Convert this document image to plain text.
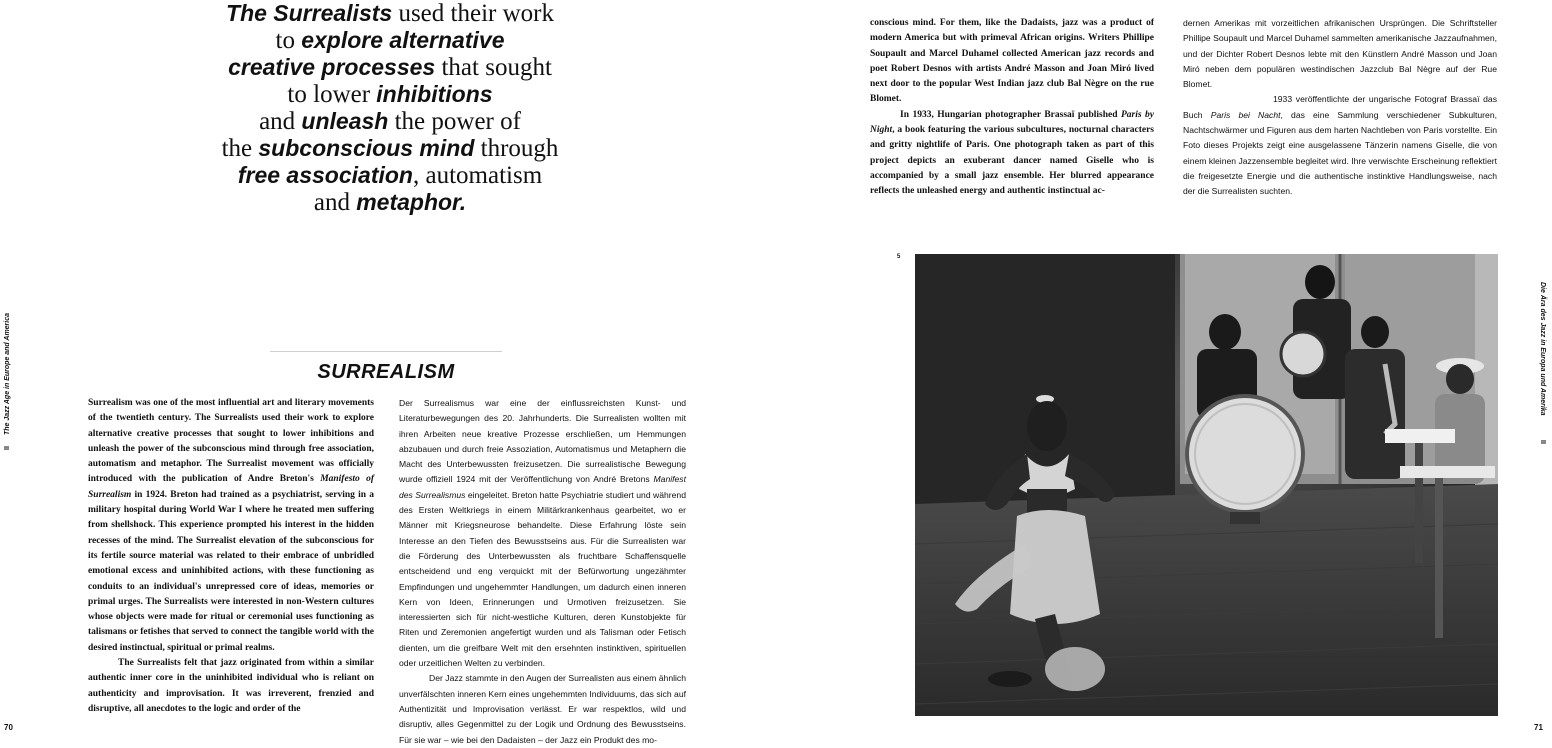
The Surrealists used their work
to explore alternative
creative processes that sought
to lower inhibitions
and unleash the power of
the subconscious mind through
free association, automatism
and metaphor.
SURREALISM

Surrealism was one of the most influential art and literary movements of the twentieth century. The Surrealists used their work to explore alternative creative processes that sought to lower inhibitions and unleash the power of the subconscious mind through free association, automatism and metaphor. The Surrealist movement was officially introduced with the publication of Andre Breton's Manifesto of Surrealism in 1924. Breton had trained as a psychiatrist, serving in a military hospital during World War I where he treated men suffering from shellshock. This experience prompted his interest in the hidden recesses of the mind. The Surrealist elevation of the subconscious for its fertile source material was related to their embrace of unbridled emotional excess and uninhibited actions, with these functioning as conduits to an individual's unrepressed core of ideas, memories or primal urges. The Surrealists were interested in non-Western cultures whose objects were made for ritual or ceremonial uses functioning as talismans or fetishes that served to connect the tangible world with the desired instinctual, spiritual or primal realms.

The Surrealists felt that jazz originated from within a similar authentic inner core in the uninhibited individual who is reliant on authenticity and improvisation. It was irreverent, frenzied and disruptive, all anecdotes to the logic and order of the

Der Surrealismus war eine der einflussreichsten Kunst- und Literaturbewegungen des 20. Jahrhunderts. Die Surrealisten wollten mit ihren Arbeiten neue kreative Prozesse erschließen, um Hemmungen abzubauen und durch freie Assoziation, Automatismus und Metaphern die Macht des Unterbewussten freizusetzen. Die surrealistische Bewegung wurde offiziell 1924 mit der Veröffentlichung von André Bretons Manifest des Surrealismus eingeleitet. Breton hatte Psychiatrie studiert und während des Ersten Weltkriegs in einem Militärkrankenhaus gearbeitet, wo er Männer mit Kriegsneurose behandelte. Diese Erfahrung löste sein Interesse an den Tiefen des Bewusstseins aus. Für die Surrealisten war die Förderung des Unterbewussten als fruchtbare Schaffensquelle entscheidend und eng verquickt mit der Befürwortung ungezähmter Empfindungen und ungehemmter Handlungen, um dadurch einen inneren Kern von Ideen, Erinnerungen und Urmotiven freizusetzen. Sie interessierten sich für nicht-westliche Kulturen, deren Kunstobjekte für Riten und Zeremonien angefertigt wurden und als Talisman oder Fetisch dienten, um die greifbare Welt mit den ersehnten instinktiven, spirituellen oder urzeitlichen Welten zu verbinden.

Der Jazz stammte in den Augen der Surrealisten aus einem ähnlich unverfälschten inneren Kern eines ungehemmten Individuums, das sich auf Authentizität und Improvisation verlässt. Er war respektlos, wild und disruptiv, alles Gegenmittel zu der Logik und Ordnung des Bewusstseins. Für sie war – wie bei den Dadaisten – der Jazz ein Produkt des mo-

conscious mind. For them, like the Dadaists, jazz was a product of modern America but with primeval African origins. Writers Phillipe Soupault and Marcel Duhamel collected American jazz records and poet Robert Desnos with artists André Masson and Joan Miró lived next door to the popular West Indian jazz club Bal Nègre on the rue Blomet.

In 1933, Hungarian photographer Brassaï published Paris by Night, a book featuring the various subcultures, nocturnal characters and gritty nightlife of Paris. One photograph taken as part of this project depicts an exuberant dancer named Giselle who is accompanied by a small jazz ensemble. Her blurred appearance reflects the unleashed energy and authentic instinctual ac-

dernen Amerikas mit vorzeitlichen afrikanischen Ursprüngen. Die Schriftsteller Phillipe Soupault und Marcel Duhamel sammelten amerikanische Jazzaufnahmen, und der Dichter Robert Desnos lebte mit den Künstlern André Masson und Joan Miró neben dem populären westindischen Jazzclub Bal Nègre auf der Rue Blomet.

1933 veröffentlichte der ungarische Fotograf Brassaï das Buch Paris bei Nacht, das eine Sammlung verschiedener Subkulturen, Nachtschwärmer und Figuren aus dem harten Nachtleben von Paris vorstellte. Ein Foto dieses Projekts zeigt eine ausgelassene Tänzerin namens Giselle, die von einem kleinen Jazzensemble begleitet wird. Ihre verwischte Erscheinung reflektiert die freigesetzte Energie und die authentische instinktive Handlungsweise, nach der die Surrealisten suchten.

5
II
The Jazz Age in Europe and America
II
Die Ära des Jazz in Europa und Amerika
70	71
